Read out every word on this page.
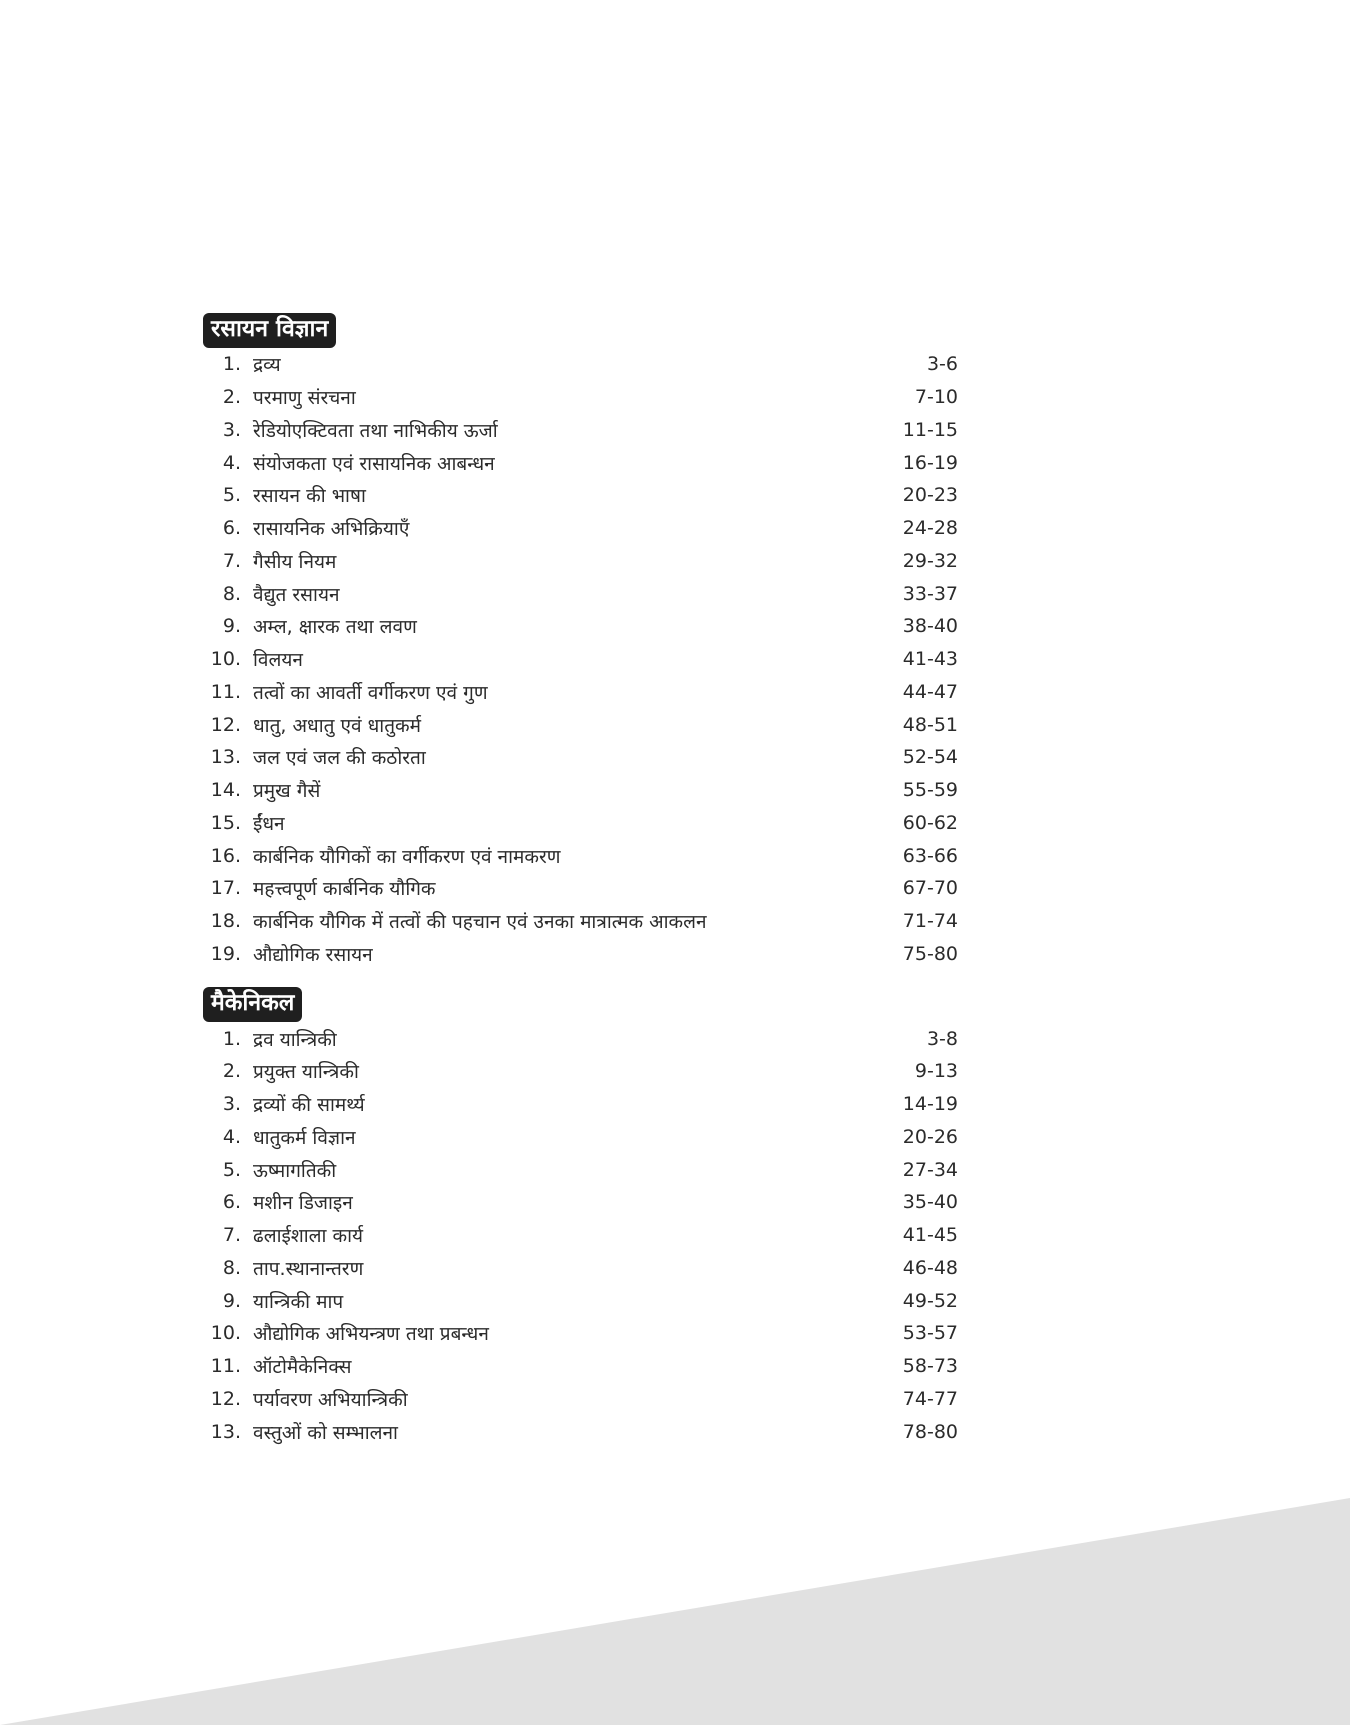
रसायन विज्ञान
1. द्रव्य	3-6
2. परमाणु संरचना	7-10
3. रेडियोएक्टिवता तथा नाभिकीय ऊर्जा	11-15
4. संयोजकता एवं रासायनिक आबन्धन	16-19
5. रसायन की भाषा	20-23
6. रासायनिक अभिक्रियाएँ	24-28
7. गैसीय नियम	29-32
8. वैद्युत रसायन	33-37
9. अम्ल, क्षारक तथा लवण	38-40
10. विलयन	41-43
11. तत्वों का आवर्ती वर्गीकरण एवं गुण	44-47
12. धातु, अधातु एवं धातुकर्म	48-51
13. जल एवं जल की कठोरता	52-54
14. प्रमुख गैसें	55-59
15. ईंधन	60-62
16. कार्बनिक यौगिकों का वर्गीकरण एवं नामकरण	63-66
17. महत्त्वपूर्ण कार्बनिक यौगिक	67-70
18. कार्बनिक यौगिक में तत्वों की पहचान एवं उनका मात्रात्मक आकलन	71-74
19. औद्योगिक रसायन	75-80
मैकेनिकल
1. द्रव यान्त्रिकी	3-8
2. प्रयुक्त यान्त्रिकी	9-13
3. द्रव्यों की सामर्थ्य	14-19
4. धातुकर्म विज्ञान	20-26
5. ऊष्मागतिकी	27-34
6. मशीन डिजाइन	35-40
7. ढलाईशाला कार्य	41-45
8. ताप.स्थानान्तरण	46-48
9. यान्त्रिकी माप	49-52
10. औद्योगिक अभियन्त्रण तथा प्रबन्धन	53-57
11. ऑटोमैकेनिक्स	58-73
12. पर्यावरण अभियान्त्रिकी	74-77
13. वस्तुओं को सम्भालना	78-80
